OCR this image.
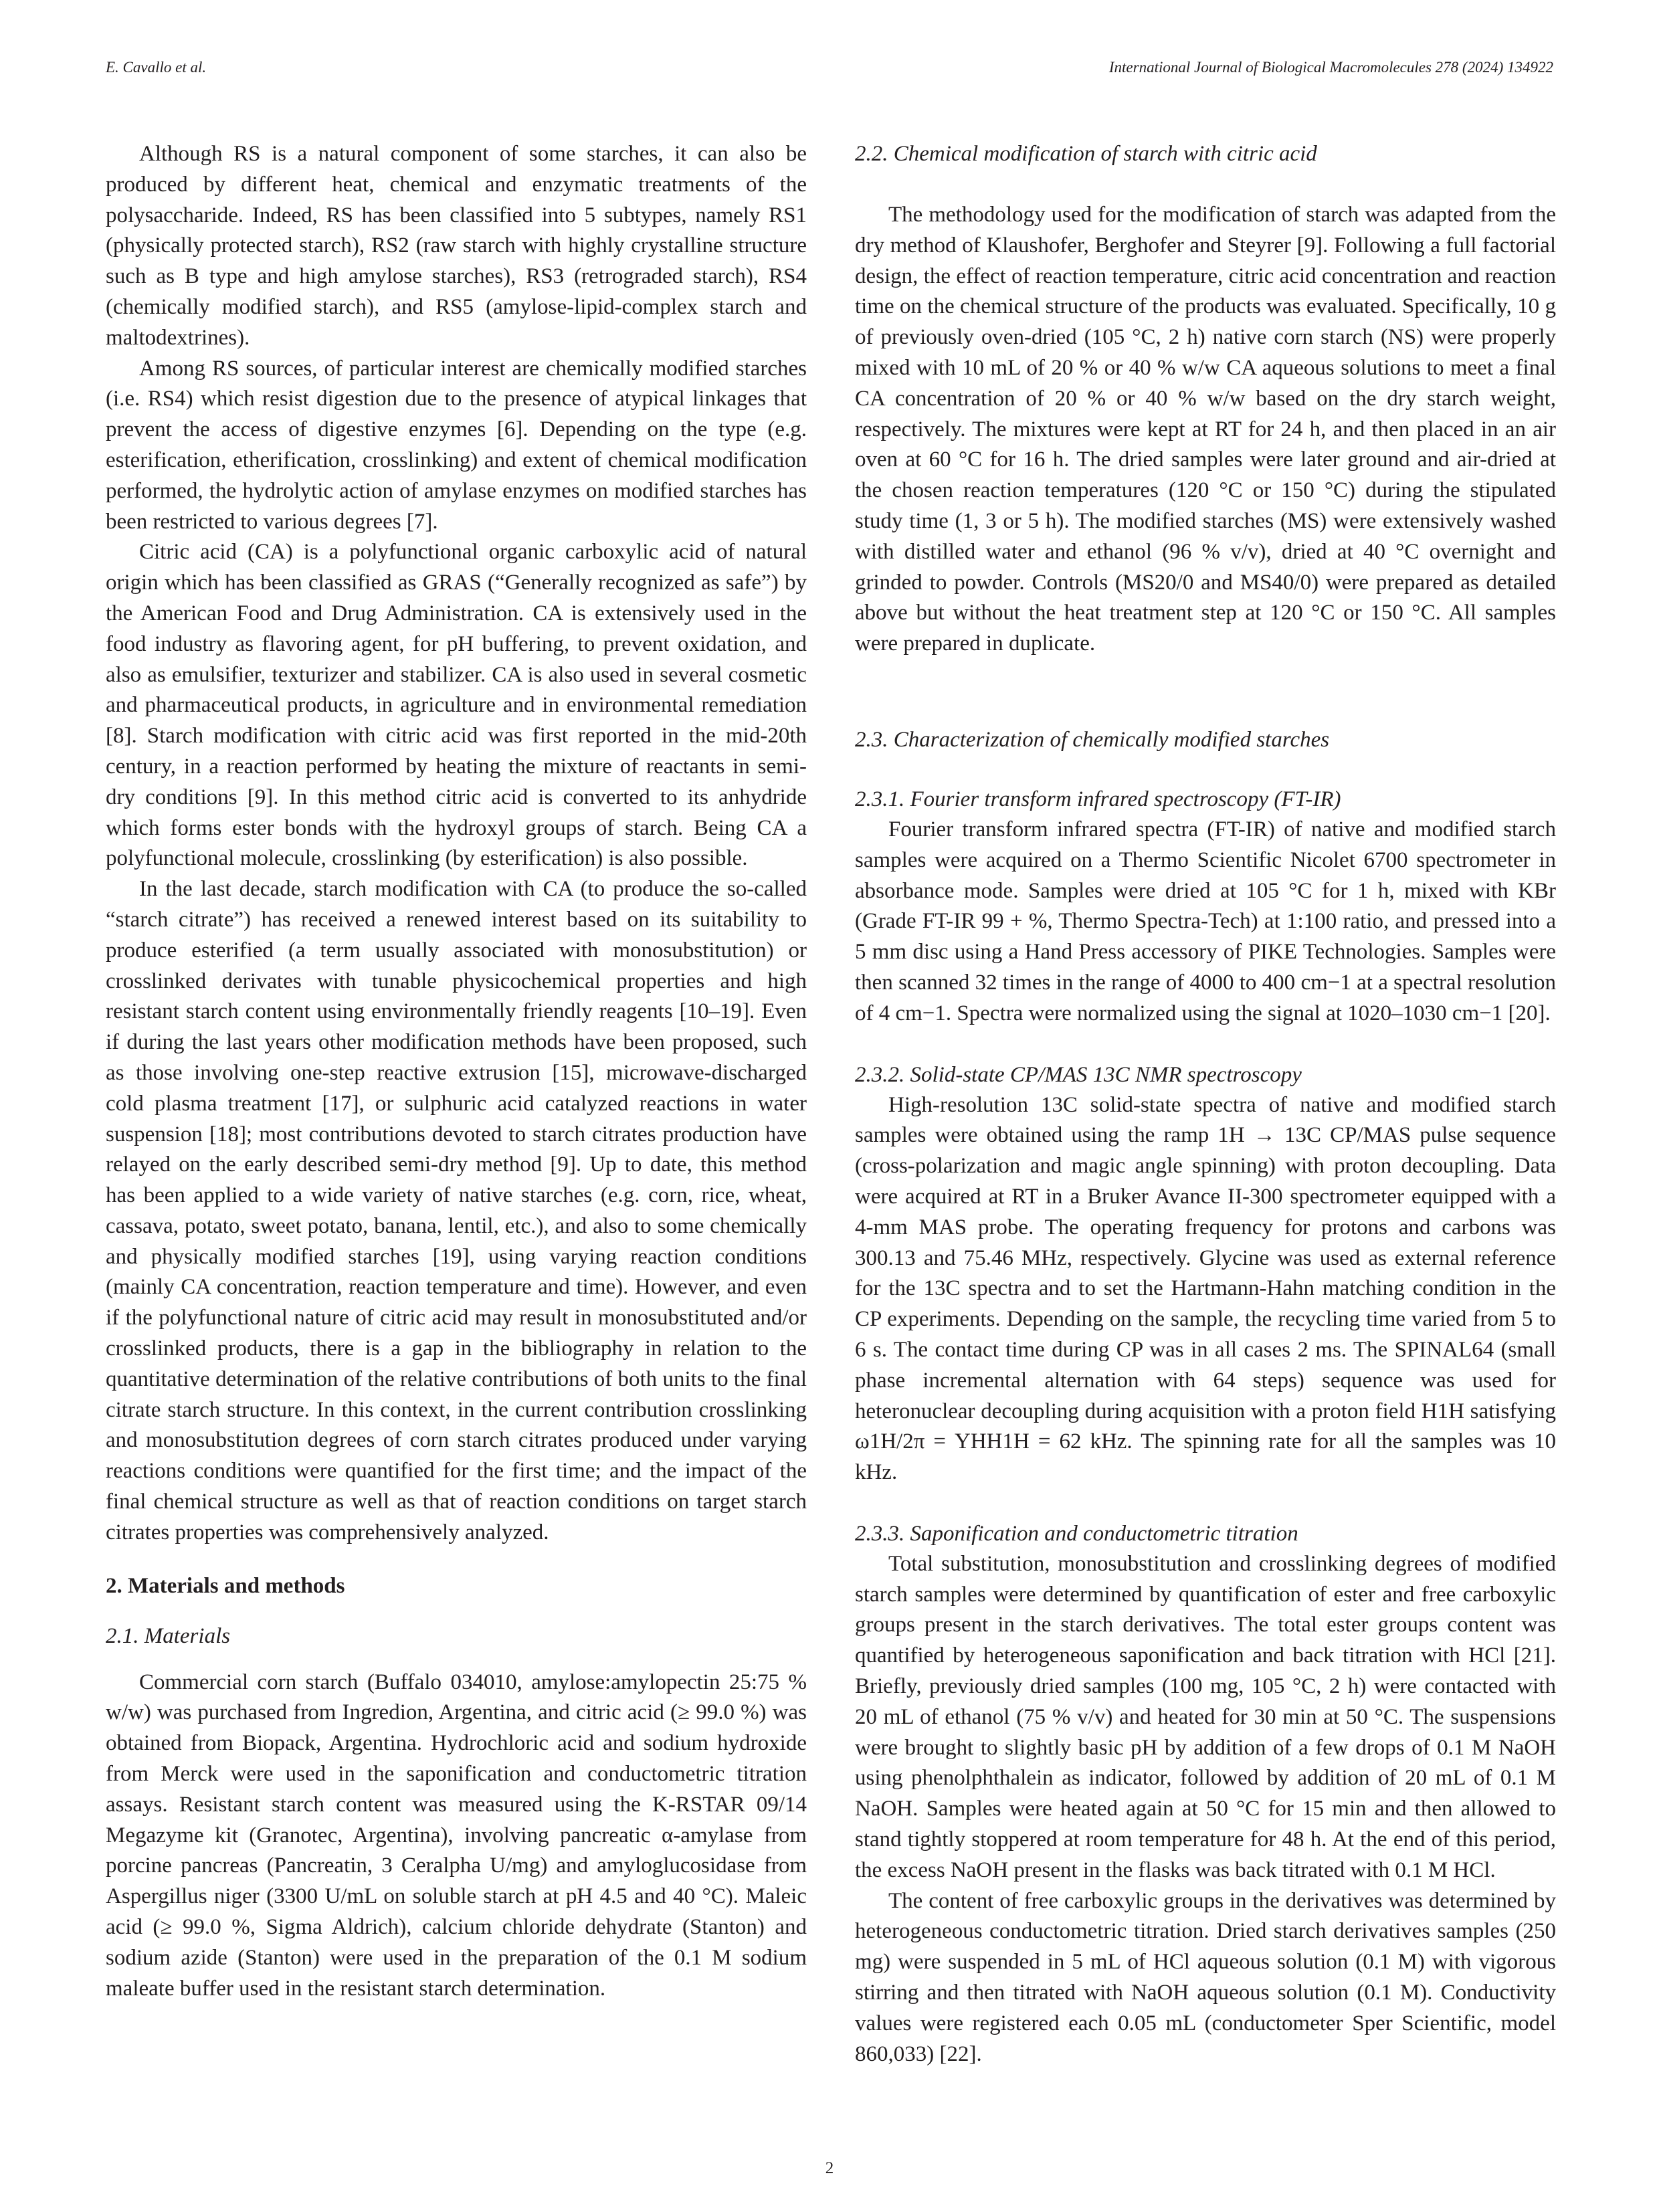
E. Cavallo et al.	International Journal of Biological Macromolecules 278 (2024) 134922

Although RS is a natural component of some starches, it can also be produced by different heat, chemical and enzymatic treatments of the polysaccharide. Indeed, RS has been classified into 5 subtypes, namely RS1 (physically protected starch), RS2 (raw starch with highly crystalline structure such as B type and high amylose starches), RS3 (retrograded starch), RS4 (chemically modified starch), and RS5 (amylose-lipid-complex starch and maltodextrines).

Among RS sources, of particular interest are chemically modified starches (i.e. RS4) which resist digestion due to the presence of atypical linkages that prevent the access of digestive enzymes [6]. Depending on the type (e.g. esterification, etherification, crosslinking) and extent of chemical modification performed, the hydrolytic action of amylase enzymes on modified starches has been restricted to various degrees [7].

Citric acid (CA) is a polyfunctional organic carboxylic acid of natural origin which has been classified as GRAS (“Generally recognized as safe”) by the American Food and Drug Administration. CA is extensively used in the food industry as flavoring agent, for pH buffering, to prevent oxidation, and also as emulsifier, texturizer and stabilizer. CA is also used in several cosmetic and pharmaceutical products, in agriculture and in environmental remediation [8]. Starch modification with citric acid was first reported in the mid-20th century, in a reaction performed by heating the mixture of reactants in semi-dry conditions [9]. In this method citric acid is converted to its anhydride which forms ester bonds with the hydroxyl groups of starch. Being CA a polyfunctional molecule, crosslinking (by esterification) is also possible.

In the last decade, starch modification with CA (to produce the so-called “starch citrate”) has received a renewed interest based on its suitability to produce esterified (a term usually associated with monosubstitution) or crosslinked derivates with tunable physicochemical properties and high resistant starch content using environmentally friendly reagents [10–19]. Even if during the last years other modification methods have been proposed, such as those involving one-step reactive extrusion [15], microwave-discharged cold plasma treatment [17], or sulphuric acid catalyzed reactions in water suspension [18]; most contributions devoted to starch citrates production have relayed on the early described semi-dry method [9]. Up to date, this method has been applied to a wide variety of native starches (e.g. corn, rice, wheat, cassava, potato, sweet potato, banana, lentil, etc.), and also to some chemically and physically modified starches [19], using varying reaction conditions (mainly CA concentration, reaction temperature and time). However, and even if the polyfunctional nature of citric acid may result in monosubstituted and/or crosslinked products, there is a gap in the bibliography in relation to the quantitative determination of the relative contributions of both units to the final citrate starch structure. In this context, in the current contribution crosslinking and monosubstitution degrees of corn starch citrates produced under varying reactions conditions were quantified for the first time; and the impact of the final chemical structure as well as that of reaction conditions on target starch citrates properties was comprehensively analyzed.

2. Materials and methods
2.1. Materials

Commercial corn starch (Buffalo 034010, amylose:amylopectin 25:75 % w/w) was purchased from Ingredion, Argentina, and citric acid (≥ 99.0 %) was obtained from Biopack, Argentina. Hydrochloric acid and sodium hydroxide from Merck were used in the saponification and conductometric titration assays. Resistant starch content was measured using the K-RSTAR 09/14 Megazyme kit (Granotec, Argentina), involving pancreatic α-amylase from porcine pancreas (Pancreatin, 3 Ceralpha U/mg) and amyloglucosidase from Aspergillus niger (3300 U/mL on soluble starch at pH 4.5 and 40 °C). Maleic acid (≥ 99.0 %, Sigma Aldrich), calcium chloride dehydrate (Stanton) and sodium azide (Stanton) were used in the preparation of the 0.1 M sodium maleate buffer used in the resistant starch determination.

2.2. Chemical modification of starch with citric acid

The methodology used for the modification of starch was adapted from the dry method of Klaushofer, Berghofer and Steyrer [9]. Following a full factorial design, the effect of reaction temperature, citric acid concentration and reaction time on the chemical structure of the products was evaluated. Specifically, 10 g of previously oven-dried (105 °C, 2 h) native corn starch (NS) were properly mixed with 10 mL of 20 % or 40 % w/w CA aqueous solutions to meet a final CA concentration of 20 % or 40 % w/w based on the dry starch weight, respectively. The mixtures were kept at RT for 24 h, and then placed in an air oven at 60 °C for 16 h. The dried samples were later ground and air-dried at the chosen reaction temperatures (120 °C or 150 °C) during the stipulated study time (1, 3 or 5 h). The modified starches (MS) were extensively washed with distilled water and ethanol (96 % v/v), dried at 40 °C overnight and grinded to powder. Controls (MS20/0 and MS40/0) were prepared as detailed above but without the heat treatment step at 120 °C or 150 °C. All samples were prepared in duplicate.

2.3. Characterization of chemically modified starches
2.3.1. Fourier transform infrared spectroscopy (FT-IR)

Fourier transform infrared spectra (FT-IR) of native and modified starch samples were acquired on a Thermo Scientific Nicolet 6700 spectrometer in absorbance mode. Samples were dried at 105 °C for 1 h, mixed with KBr (Grade FT-IR 99 + %, Thermo Spectra-Tech) at 1:100 ratio, and pressed into a 5 mm disc using a Hand Press accessory of PIKE Technologies. Samples were then scanned 32 times in the range of 4000 to 400 cm−1 at a spectral resolution of 4 cm−1. Spectra were normalized using the signal at 1020–1030 cm−1 [20].

2.3.2. Solid-state CP/MAS 13C NMR spectroscopy

High-resolution 13C solid-state spectra of native and modified starch samples were obtained using the ramp 1H → 13C CP/MAS pulse sequence (cross-polarization and magic angle spinning) with proton decoupling. Data were acquired at RT in a Bruker Avance II-300 spectrometer equipped with a 4-mm MAS probe. The operating frequency for protons and carbons was 300.13 and 75.46 MHz, respectively. Glycine was used as external reference for the 13C spectra and to set the Hartmann-Hahn matching condition in the CP experiments. Depending on the sample, the recycling time varied from 5 to 6 s. The contact time during CP was in all cases 2 ms. The SPINAL64 (small phase incremental alternation with 64 steps) sequence was used for heteronuclear decoupling during acquisition with a proton field H1H satisfying ω1H/2π = YHH1H = 62 kHz. The spinning rate for all the samples was 10 kHz.

2.3.3. Saponification and conductometric titration

Total substitution, monosubstitution and crosslinking degrees of modified starch samples were determined by quantification of ester and free carboxylic groups present in the starch derivatives. The total ester groups content was quantified by heterogeneous saponification and back titration with HCl [21]. Briefly, previously dried samples (100 mg, 105 °C, 2 h) were contacted with 20 mL of ethanol (75 % v/v) and heated for 30 min at 50 °C. The suspensions were brought to slightly basic pH by addition of a few drops of 0.1 M NaOH using phenolphthalein as indicator, followed by addition of 20 mL of 0.1 M NaOH. Samples were heated again at 50 °C for 15 min and then allowed to stand tightly stoppered at room temperature for 48 h. At the end of this period, the excess NaOH present in the flasks was back titrated with 0.1 M HCl.

The content of free carboxylic groups in the derivatives was determined by heterogeneous conductometric titration. Dried starch derivatives samples (250 mg) were suspended in 5 mL of HCl aqueous solution (0.1 M) with vigorous stirring and then titrated with NaOH aqueous solution (0.1 M). Conductivity values were registered each 0.05 mL (conductometer Sper Scientific, model 860,033) [22].

2
